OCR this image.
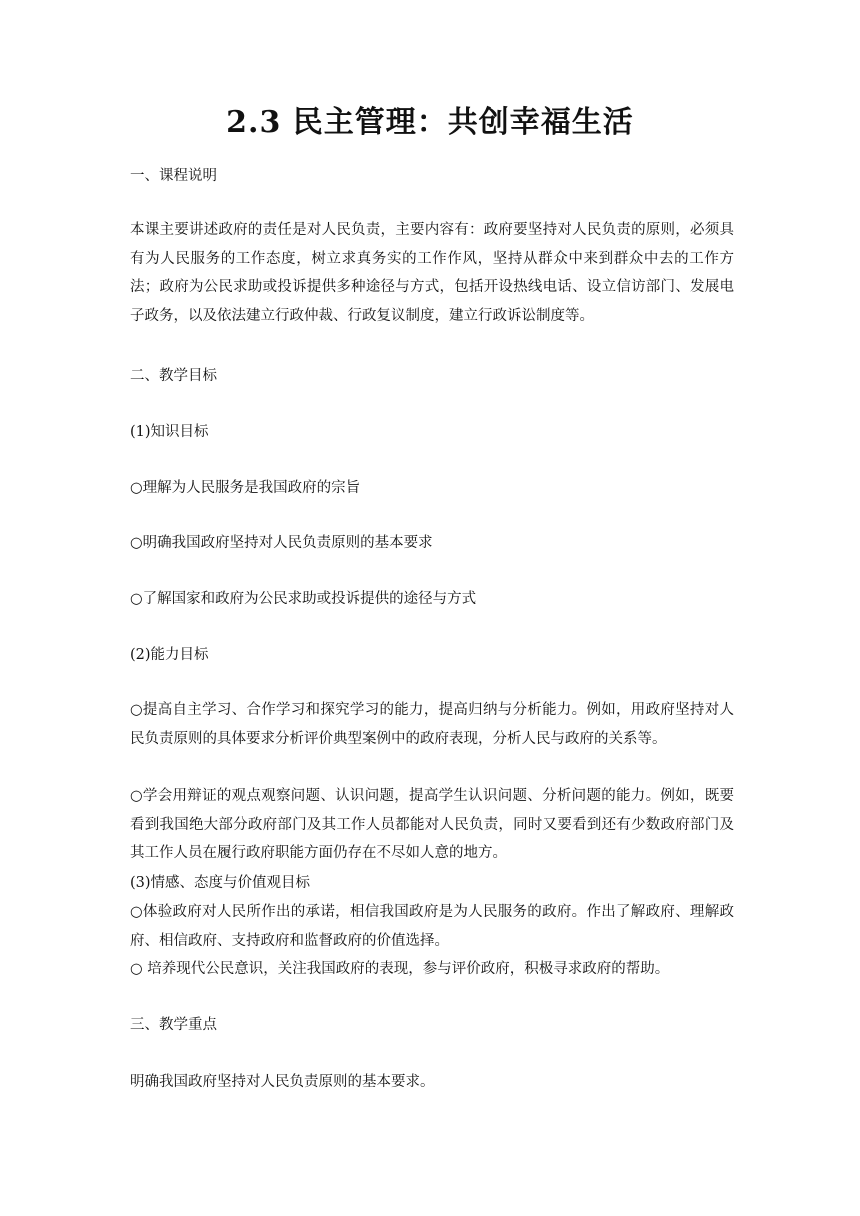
2.3 民主管理：共创幸福生活

一、课程说明

本课主要讲述政府的责任是对人民负责，主要内容有：政府要坚持对人民负责的原则，必须具有为人民服务的工作态度，树立求真务实的工作作风，坚持从群众中来到群众中去的工作方法；政府为公民求助或投诉提供多种途径与方式，包括开设热线电话、设立信访部门、发展电子政务，以及依法建立行政仲裁、行政复议制度，建立行政诉讼制度等。

二、教学目标

(1)知识目标

○理解为人民服务是我国政府的宗旨

○明确我国政府坚持对人民负责原则的基本要求

○了解国家和政府为公民求助或投诉提供的途径与方式

(2)能力目标

○提高自主学习、合作学习和探究学习的能力，提高归纳与分析能力。例如，用政府坚持对人民负责原则的具体要求分析评价典型案例中的政府表现，分析人民与政府的关系等。

○学会用辩证的观点观察问题、认识问题，提高学生认识问题、分析问题的能力。例如，既要看到我国绝大部分政府部门及其工作人员都能对人民负责，同时又要看到还有少数政府部门及其工作人员在履行政府职能方面仍存在不尽如人意的地方。

(3)情感、态度与价值观目标

○体验政府对人民所作出的承诺，相信我国政府是为人民服务的政府。作出了解政府、理解政府、相信政府、支持政府和监督政府的价值选择。

○ 培养现代公民意识，关注我国政府的表现，参与评价政府，积极寻求政府的帮助。

三、教学重点

明确我国政府坚持对人民负责原则的基本要求。
